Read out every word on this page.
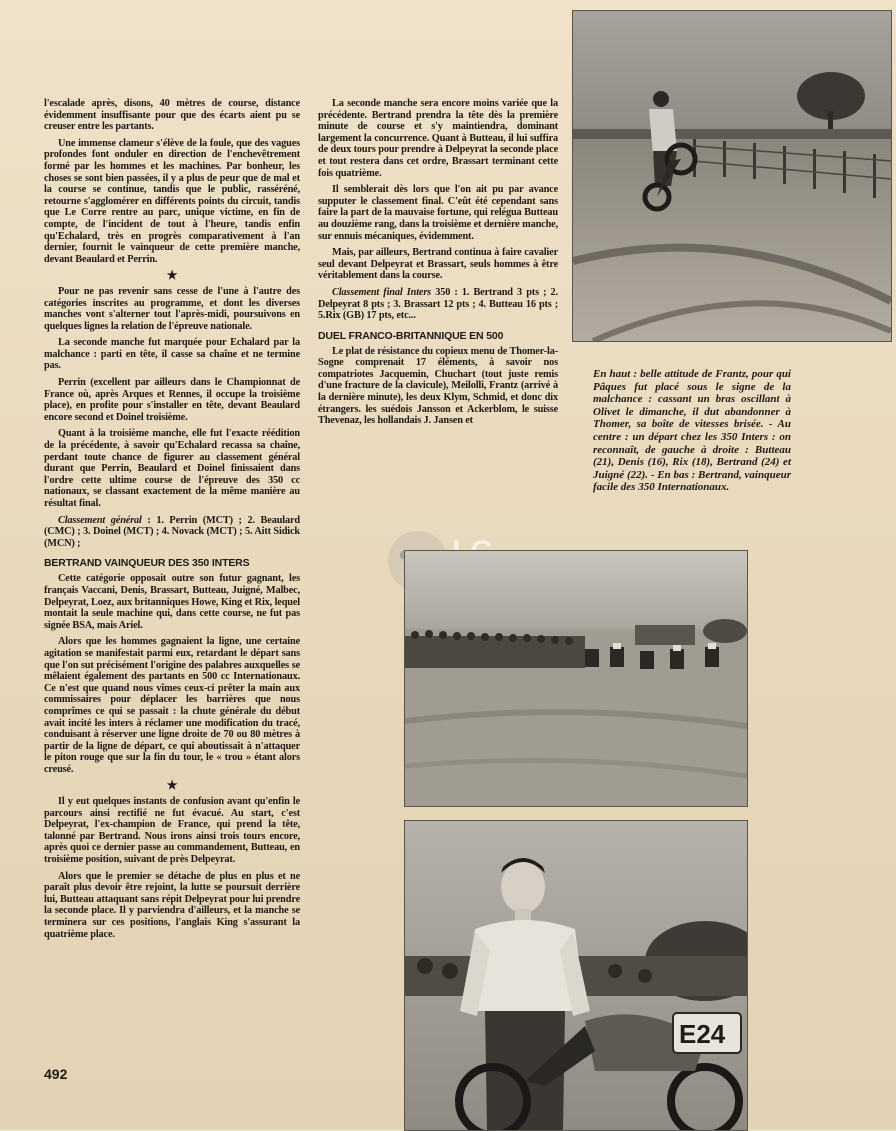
l'escalade après, disons, 40 mètres de course, distance évidemment insuffisante pour que des écarts aient pu se creuser entre les partants.

Une immense clameur s'élève de la foule, que des vagues profondes font onduler en direction de l'enchevêtrement formé par les hommes et les machines. Par bonheur, les choses se sont bien passées, il y a plus de peur que de mal et la course se continue, tandis que le public, rasséréné, retourne s'agglomérer en différents points du circuit, tandis que Le Corre rentre au parc, unique victime, en fin de compte, de l'incident de tout à l'heure, tandis enfin qu'Echalard, très en progrès comparativement à l'an dernier, fournit le vainqueur de cette première manche, devant Beaulard et Perrin.

★

Pour ne pas revenir sans cesse de l'une à l'autre des catégories inscrites au programme, et dont les diverses manches vont s'alterner tout l'après-midi, poursuivons en quelques lignes la relation de l'épreuve nationale.

La seconde manche fut marquée pour Echalard par la malchance : parti en tête, il casse sa chaîne et ne termine pas.

Perrin (excellent par ailleurs dans le Championnat de France où, après Arques et Rennes, il occupe la troisième place), en profite pour s'installer en tête, devant Beaulard encore second et Doinel troisième.

Quant à la troisième manche, elle fut l'exacte réédition de la précédente, à savoir qu'Echalard recassa sa chaîne, perdant toute chance de figurer au classement général durant que Perrin, Beaulard et Doinel finissaient dans l'ordre cette ultime course de l'épreuve des 350 cc nationaux, se classant exactement de la même manière au résultat final.

Classement général : 1. Perrin (MCT) ; 2. Beaulard (CMC) ; 3. Doinel (MCT) ; 4. Novack (MCT) ; 5. Aitt Sidick (MCN) ;

BERTRAND VAINQUEUR DES 350 INTERS

Cette catégorie opposait outre son futur gagnant, les français Vaccani, Denis, Brassart, Butteau, Juigné, Malbec, Delpeyrat, Loez, aux britanniques Howe, King et Rix, lequel montait la seule machine qui, dans cette course, ne fut pas signée BSA, mais Ariel.

Alors que les hommes gagnaient la ligne, une certaine agitation se manifestait parmi eux, retardant le départ sans que l'on sut précisément l'origine des palabres auxquelles se mêlaient également des partants en 500 cc Internationaux. Ce n'est que quand nous vîmes ceux-ci prêter la main aux commissaires pour déplacer les barrières que nous comprîmes ce qui se passait : la chute générale du début avait incité les inters à réclamer une modification du tracé, conduisant à réserver une ligne droite de 70 ou 80 mètres à partir de la ligne de départ, ce qui aboutissait à n'attaquer le piton rouge que sur la fin du tour, le « trou » étant alors creusé.

★

Il y eut quelques instants de confusion avant qu'enfin le parcours ainsi rectifié ne fut évacué. Au start, c'est Delpeyrat, l'ex-champion de France, qui prend la tête, talonné par Bertrand. Nous irons ainsi trois tours encore, après quoi ce dernier passe au commandement, Butteau, en troisième position, suivant de près Delpeyrat.

Alors que le premier se détache de plus en plus et ne paraît plus devoir être rejoint, la lutte se poursuit derrière lui, Butteau attaquant sans répit Delpeyrat pour lui prendre la seconde place. Il y parviendra d'ailleurs, et la manche se terminera sur ces positions, l'anglais King s'assurant la quatrième place.

La seconde manche sera encore moins variée que la précédente. Bertrand prendra la tête dès la première minute de course et s'y maintiendra, dominant largement la concurrence. Quant à Butteau, il lui suffira de deux tours pour prendre à Delpeyrat la seconde place et tout restera dans cet ordre, Brassart terminant cette fois quatrième.

Il semblerait dès lors que l'on ait pu par avance supputer le classement final. C'eût été cependant sans faire la part de la mauvaise fortune, qui relégua Butteau au douzième rang, dans la troisième et dernière manche, sur ennuis mécaniques, évidemment.

Mais, par ailleurs, Bertrand continua à faire cavalier seul devant Delpeyrat et Brassart, seuls hommes à être véritablement dans la course.

Classement final Inters 350 : 1. Bertrand 3 pts ; 2. Delpeyrat 8 pts ; 3. Brassart 12 pts ; 4. Butteau 16 pts ; 5.Rix (GB) 17 pts, etc...

DUEL FRANCO-BRITANNIQUE EN 500

Le plat de résistance du copieux menu de Thomer-la-Sogne comprenait 17 éléments, à savoir nos compatriotes Jacquemin, Chuchart (tout juste remis d'une fracture de la clavicule), Meilolli, Frantz (arrivé à la dernière minute), les deux Klym, Schmid, et donc dix étrangers. les suédois Jansson et Ackerblom, le suisse Thevenaz, les hollandais J. Jansen et

En haut : belle attitude de Frantz, pour qui Pâques fut placé sous le signe de la malchance : cassant un bras oscillant à Olivet le dimanche, il dut abandonner à Thomer, sa boîte de vitesses brisée. - Au centre : un départ chez les 350 Inters : on reconnaît, de gauche à droite : Butteau (21), Denis (16), Rix (18), Bertrand (24) et Juigné (22). - En bas : Bertrand, vainqueur facile des 350 Internationaux.
E24
492
